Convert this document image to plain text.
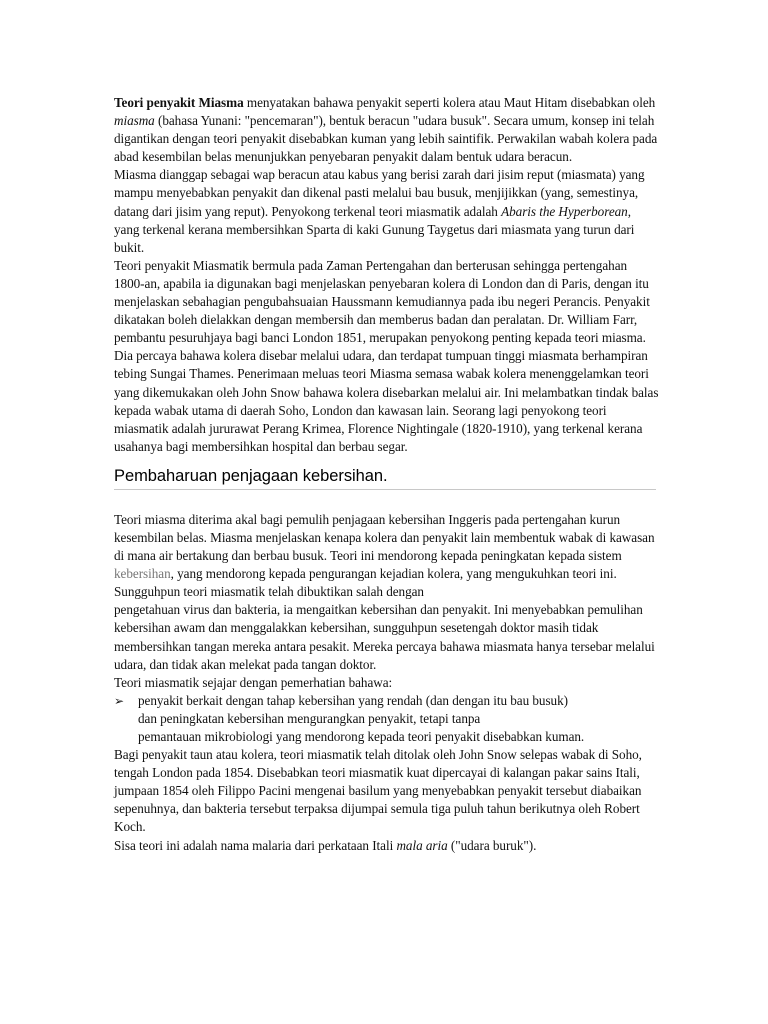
Teori penyakit Miasma menyatakan bahawa penyakit seperti kolera atau Maut Hitam disebabkan oleh miasma (bahasa Yunani: "pencemaran"), bentuk beracun "udara busuk". Secara umum, konsep ini telah digantikan dengan teori penyakit disebabkan kuman yang lebih saintifik. Perwakilan wabah kolera pada abad kesembilan belas menunjukkan penyebaran penyakit dalam bentuk udara beracun.

Miasma dianggap sebagai wap beracun atau kabus yang berisi zarah dari jisim reput (miasmata) yang mampu menyebabkan penyakit dan dikenal pasti melalui bau busuk, menjijikkan (yang, semestinya, datang dari jisim yang reput). Penyokong terkenal teori miasmatik adalah Abaris the Hyperborean, yang terkenal kerana membersihkan Sparta di kaki Gunung Taygetus dari miasmata yang turun dari bukit.

Teori penyakit Miasmatik bermula pada Zaman Pertengahan dan berterusan sehingga pertengahan 1800-an, apabila ia digunakan bagi menjelaskan penyebaran kolera di London dan di Paris, dengan itu menjelaskan sebahagian pengubahsuaian Haussmann kemudiannya pada ibu negeri Perancis. Penyakit dikatakan boleh dielakkan dengan membersih dan memberus badan dan peralatan. Dr. William Farr, pembantu pesuruhjaya bagi banci London 1851, merupakan penyokong penting kepada teori miasma. Dia percaya bahawa kolera disebar melalui udara, dan terdapat tumpuan tinggi miasmata berhampiran tebing Sungai Thames. Penerimaan meluas teori Miasma semasa wabak kolera menenggelamkan teori yang dikemukakan oleh John Snow bahawa kolera disebarkan melalui air. Ini melambatkan tindak balas kepada wabak utama di daerah Soho, London dan kawasan lain. Seorang lagi penyokong teori miasmatik adalah jururawat Perang Krimea, Florence Nightingale (1820-1910), yang terkenal kerana usahanya bagi membersihkan hospital dan berbau segar.

Pembaharuan penjagaan kebersihan.

Teori miasma diterima akal bagi pemulih penjagaan kebersihan Inggeris pada pertengahan kurun kesembilan belas. Miasma menjelaskan kenapa kolera dan penyakit lain membentuk wabak di kawasan di mana air bertakung dan berbau busuk. Teori ini mendorong kepada peningkatan kepada sistem kebersihan, yang mendorong kepada pengurangan kejadian kolera, yang mengukuhkan teori ini.

Sungguhpun teori miasmatik telah dibuktikan salah dengan

pengetahuan virus dan bakteria, ia mengaitkan kebersihan dan penyakit. Ini menyebabkan pemulihan kebersihan awam dan menggalakkan kebersihan, sungguhpun sesetengah doktor masih tidak membersihkan tangan mereka antara pesakit. Mereka percaya bahawa miasmata hanya tersebar melalui udara, dan tidak akan melekat pada tangan doktor.

Teori miasmatik sejajar dengan pemerhatian bahawa:

➢	penyakit berkait dengan tahap kebersihan yang rendah (dan dengan itu bau busuk)

dan peningkatan kebersihan mengurangkan penyakit, tetapi tanpa

pemantauan mikrobiologi yang mendorong kepada teori penyakit disebabkan kuman.

Bagi penyakit taun atau kolera, teori miasmatik telah ditolak oleh John Snow selepas wabak di Soho, tengah London pada 1854. Disebabkan teori miasmatik kuat dipercayai di kalangan pakar sains Itali, jumpaan 1854 oleh Filippo Pacini mengenai basilum yang menyebabkan penyakit tersebut diabaikan sepenuhnya, dan bakteria tersebut terpaksa dijumpai semula tiga puluh tahun berikutnya oleh Robert Koch.

Sisa teori ini adalah nama malaria dari perkataan Itali mala aria ("udara buruk").
